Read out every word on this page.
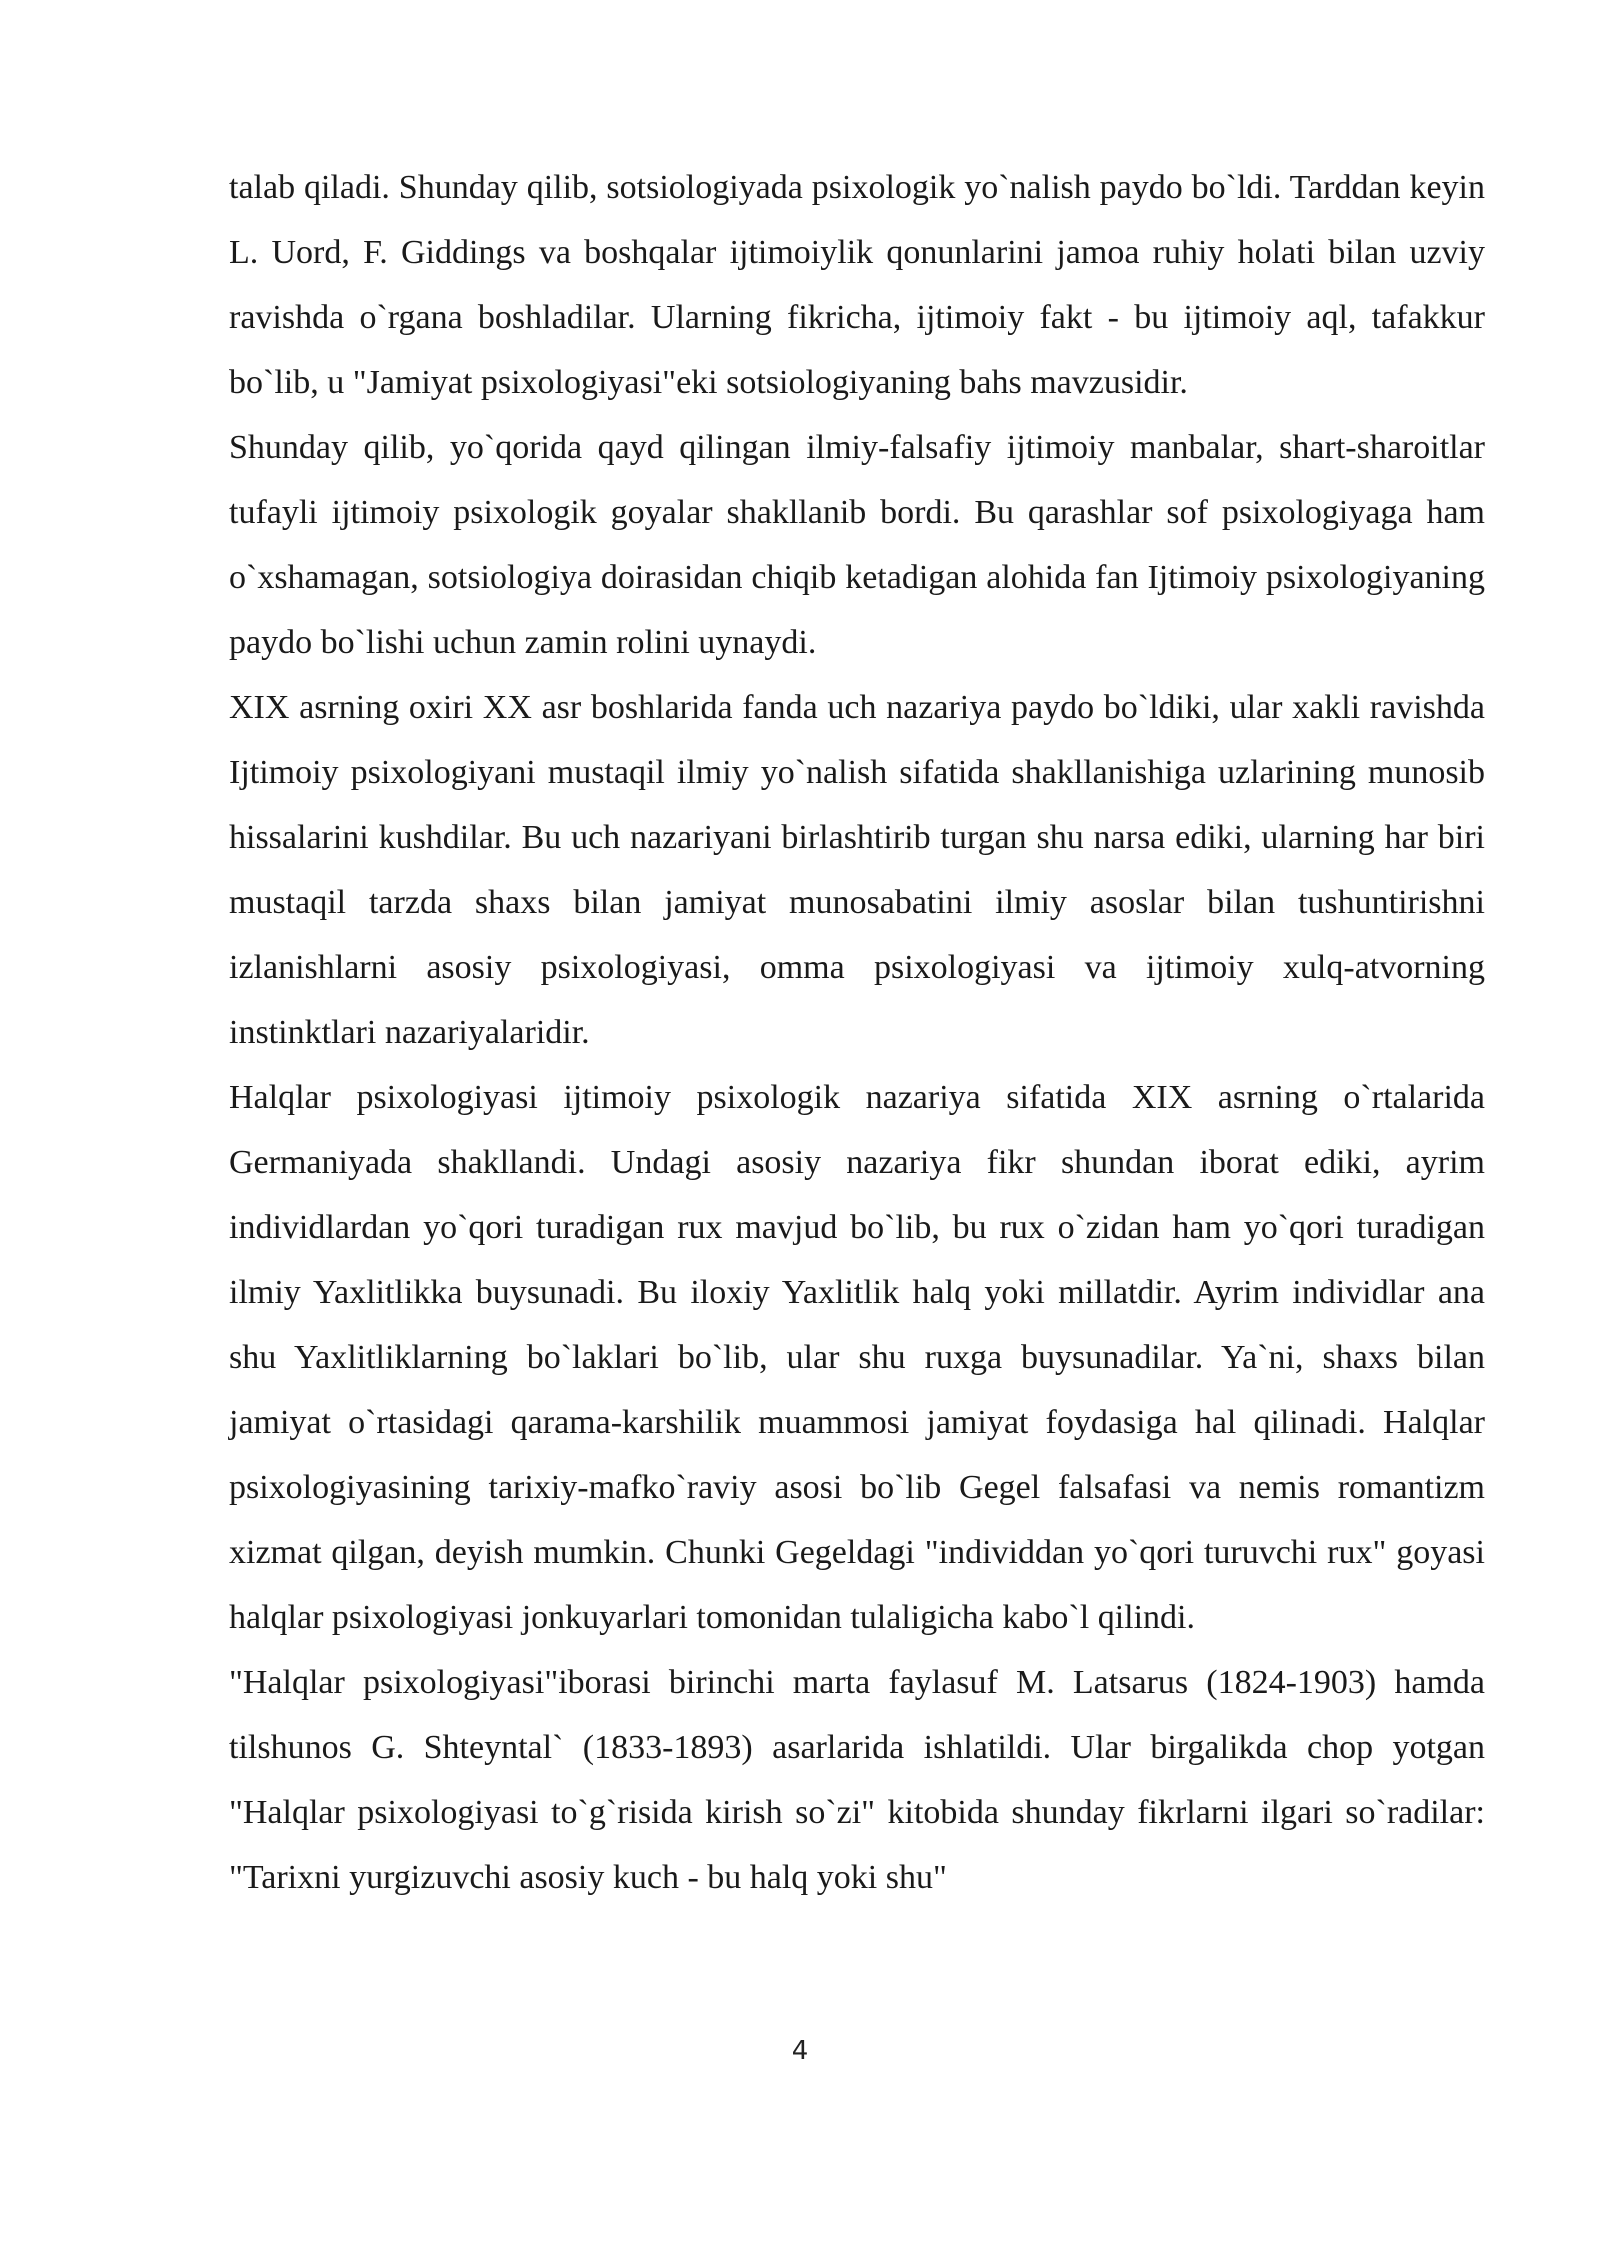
talab qiladi. Shunday qilib, sotsiologiyada psixologik yo`nalish paydo bo`ldi. Tarddan keyin L. Uord, F. Giddings va boshqalar ijtimoiylik qonunlarini jamoa ruhiy holati bilan uzviy ravishda o`rgana boshladilar. Ularning fikricha, ijtimoiy fakt - bu ijtimoiy aql, tafakkur bo`lib, u "Jamiyat psixologiyasi"eki sotsiologiyaning bahs mavzusidir.

Shunday qilib, yo`qorida qayd qilingan ilmiy-falsafiy ijtimoiy manbalar, shart-sharoitlar tufayli ijtimoiy psixologik goyalar shakllanib bordi. Bu qarashlar sof psixologiyaga ham o`xshamagan, sotsiologiya doirasidan chiqib ketadigan alohida fan Ijtimoiy psixologiyaning paydo bo`lishi uchun zamin rolini uynaydi.

XIX asrning oxiri XX asr boshlarida fanda uch nazariya paydo bo`ldiki, ular xakli ravishda Ijtimoiy psixologiyani mustaqil ilmiy yo`nalish sifatida shakllanishiga uzlarining munosib hissalarini kushdilar. Bu uch nazariyani birlashtirib turgan shu narsa ediki, ularning har biri mustaqil tarzda shaxs bilan jamiyat munosabatini ilmiy asoslar bilan tushuntirishni izlanishlarni asosiy psixologiyasi, omma psixologiyasi va ijtimoiy xulq-atvorning instinktlari nazariyalaridir.

Halqlar psixologiyasi ijtimoiy psixologik nazariya sifatida XIX asrning o`rtalarida Germaniyada shakllandi. Undagi asosiy nazariya fikr shundan iborat ediki, ayrim individlardan yo`qori turadigan rux mavjud bo`lib, bu rux o`zidan ham yo`qori turadigan ilmiy Yaxlitlikka buysunadi. Bu iloxiy Yaxlitlik halq yoki millatdir. Ayrim individlar ana shu Yaxlitliklarning bo`laklari bo`lib, ular shu ruxga buysunadilar. Ya`ni, shaxs bilan jamiyat o`rtasidagi qarama-karshilik muammosi jamiyat foydasiga hal qilinadi. Halqlar psixologiyasining tarixiy-mafko`raviy asosi bo`lib Gegel falsafasi va nemis romantizm xizmat qilgan, deyish mumkin. Chunki Gegeldagi "individdan yo`qori turuvchi rux" goyasi halqlar psixologiyasi jonkuyarlari tomonidan tulaligicha kabo`l qilindi.

"Halqlar psixologiyasi"iborasi birinchi marta faylasuf M. Latsarus (1824-1903) hamda tilshunos G. Shteyntal` (1833-1893) asarlarida ishlatildi. Ular birgalikda chop yotgan "Halqlar psixologiyasi to`g`risida kirish so`zi" kitobida shunday fikrlarni ilgari so`radilar: "Tarixni yurgizuvchi asosiy kuch - bu halq yoki shu"

4
